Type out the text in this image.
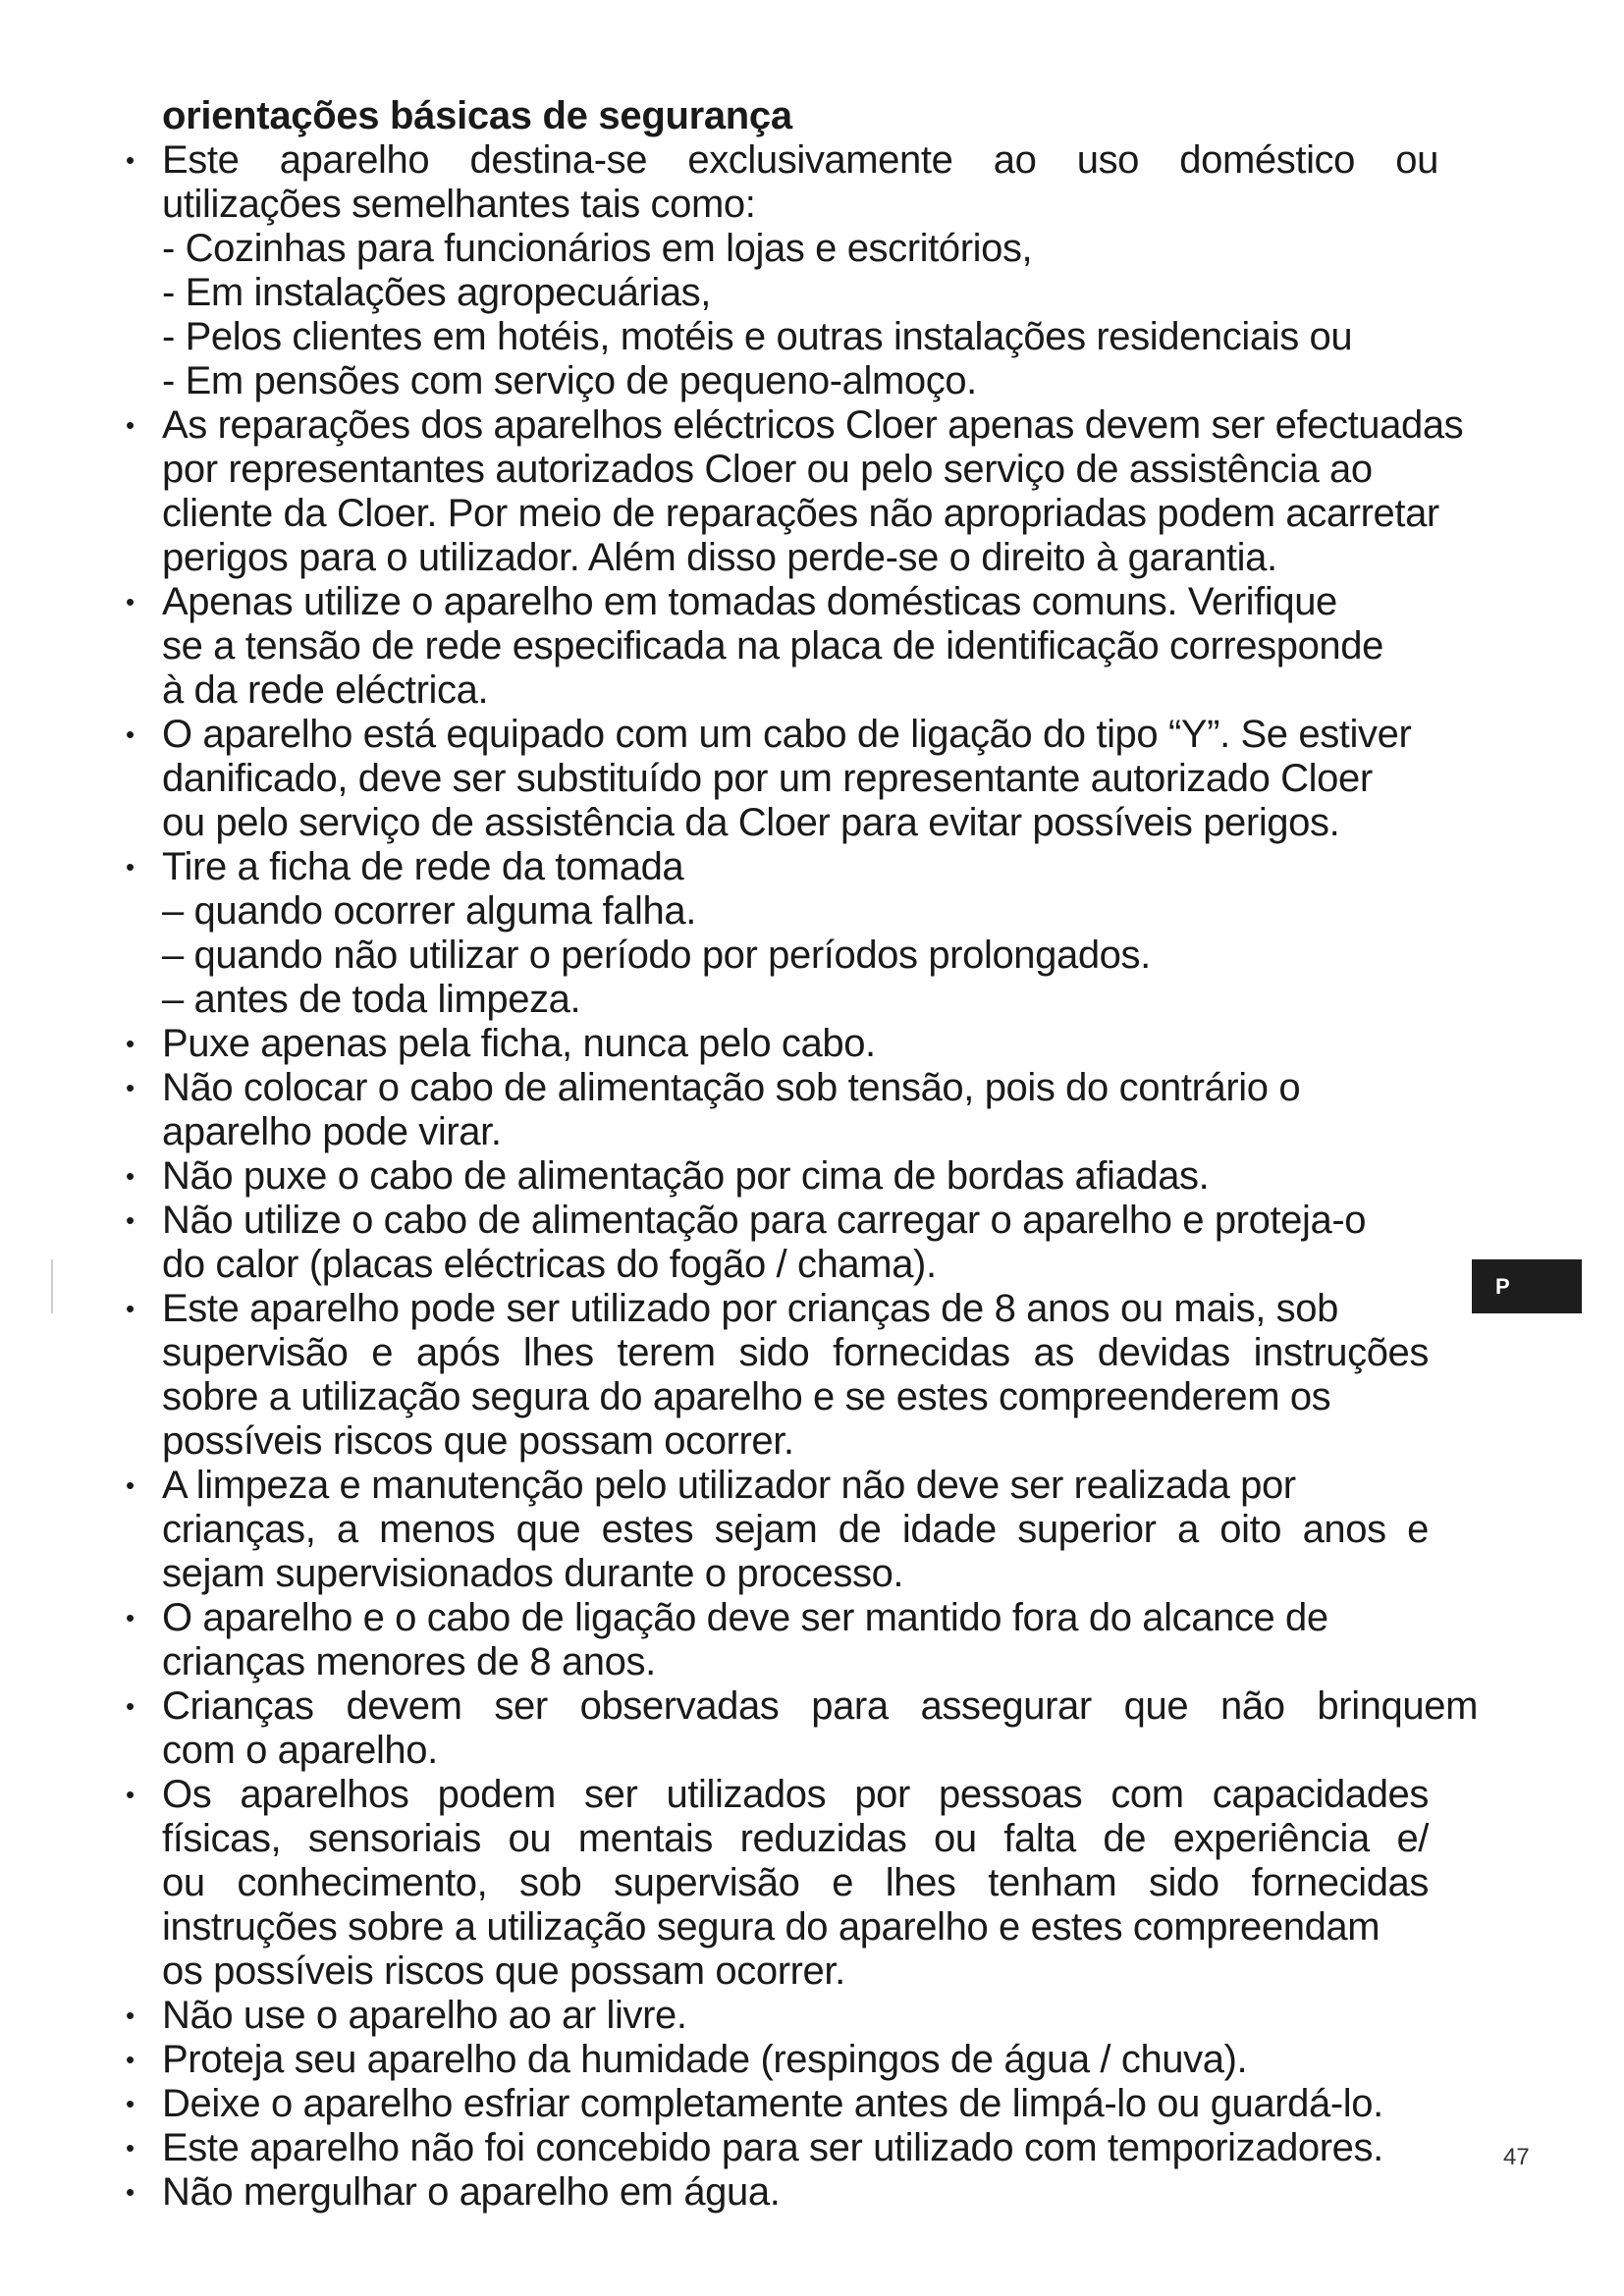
orientações básicas de segurança
• Este aparelho destina-se exclusivamente ao uso doméstico ou
utilizações semelhantes tais como:
- Cozinhas para funcionários em lojas e escritórios,
- Em instalações agropecuárias,
- Pelos clientes em hotéis, motéis e outras instalações residenciais ou
- Em pensões com serviço de pequeno-almoço.
• As reparações dos aparelhos eléctricos Cloer apenas devem ser efectuadas
por representantes autorizados Cloer ou pelo serviço de assistência ao
cliente da Cloer. Por meio de reparações não apropriadas podem acarretar
perigos para o utilizador. Além disso perde-se o direito à garantia.
• Apenas utilize o aparelho em tomadas domésticas comuns. Verifique
se a tensão de rede especificada na placa de identificação corresponde
à da rede eléctrica.
• O aparelho está equipado com um cabo de ligação do tipo “Y”. Se estiver
danificado, deve ser substituído por um representante autorizado Cloer
ou pelo serviço de assistência da Cloer para evitar possíveis perigos.
• Tire a ficha de rede da tomada
– quando ocorrer alguma falha.
– quando não utilizar o período por períodos prolongados.
– antes de toda limpeza.
• Puxe apenas pela ficha, nunca pelo cabo.
• Não colocar o cabo de alimentação sob tensão, pois do contrário o
aparelho pode virar.
• Não puxe o cabo de alimentação por cima de bordas afiadas.
• Não utilize o cabo de alimentação para carregar o aparelho e proteja-o
do calor (placas eléctricas do fogão / chama).
• Este aparelho pode ser utilizado por crianças de 8 anos ou mais, sob
supervisão e após lhes terem sido fornecidas as devidas instruções
sobre a utilização segura do aparelho e se estes compreenderem os
possíveis riscos que possam ocorrer.
• A limpeza e manutenção pelo utilizador não deve ser realizada por
crianças, a menos que estes sejam de idade superior a oito anos e
sejam supervisionados durante o processo.
• O aparelho e o cabo de ligação deve ser mantido fora do alcance de
crianças menores de 8 anos.
• Crianças devem ser observadas para assegurar que não brinquem
com o aparelho.
• Os aparelhos podem ser utilizados por pessoas com capacidades
físicas, sensoriais ou mentais reduzidas ou falta de experiência e/
ou conhecimento, sob supervisão e lhes tenham sido fornecidas
instruções sobre a utilização segura do aparelho e estes compreendam
os possíveis riscos que possam ocorrer.
• Não use o aparelho ao ar livre.
• Proteja seu aparelho da humidade (respingos de água / chuva).
• Deixe o aparelho esfriar completamente antes de limpá-lo ou guardá-lo.
• Este aparelho não foi concebido para ser utilizado com temporizadores.
• Não mergulhar o aparelho em água.
P
47
